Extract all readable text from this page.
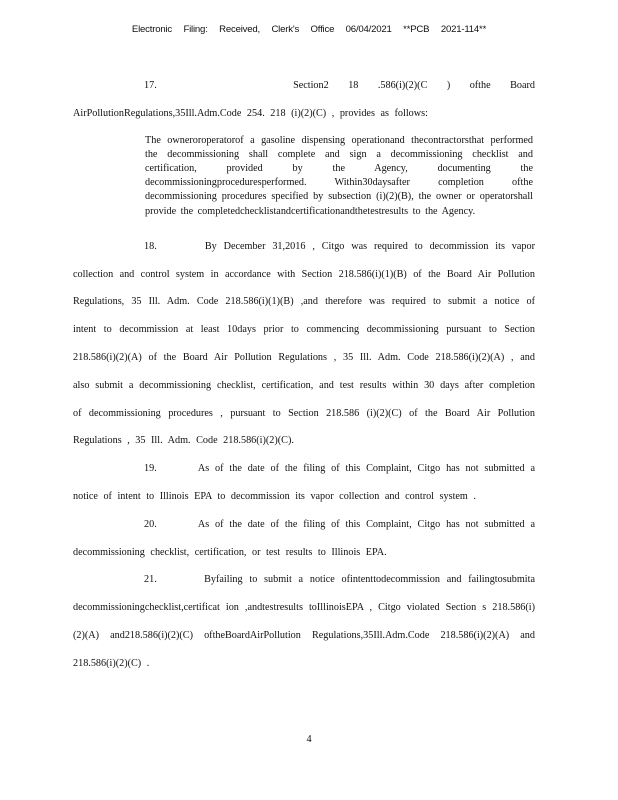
Electronic Filing: Received, Clerk's Office 06/04/2021 **PCB 2021-114**

17.	Section2 18 .586(i)(2)(C ) ofthe Board AirPollutionRegulations,35Ill.Adm.Code 254. 218 (i)(2)(C) , provides as follows:

The owneroroperatorof a gasoline dispensing operationand thecontractorsthat performed the decommissioning shall complete and sign a decommissioning checklist and certification, provided by the Agency, documenting the decommissioningproceduresperformed. Within30daysafter completion ofthe decommissioning procedures specified by subsection (i)(2)(B), the owner or operatorshall provide the completedchecklistandcertificationandthetestresults to the Agency.

18.	By December 31,2016 , Citgo was required to decommission its vapor collection and control system in accordance with Section 218.586(i)(1)(B) of the Board Air Pollution Regulations, 35 Ill. Adm. Code 218.586(i)(1)(B) ,and therefore was required to submit a notice of intent to decommission at least 10days prior to commencing decommissioning pursuant to Section 218.586(i)(2)(A) of the Board Air Pollution Regulations , 35 Ill. Adm. Code 218.586(i)(2)(A) , and also submit a decommissioning checklist, certification, and test results within 30 days after completion of decommissioning procedures , pursuant to Section 218.586 (i)(2)(C) of the Board Air Pollution Regulations , 35 Ill. Adm. Code 218.586(i)(2)(C).

19.	As of the date of the filing of this Complaint, Citgo has not submitted a notice of intent to Illinois EPA to decommission its vapor collection and control system .

20.	As of the date of the filing of this Complaint, Citgo has not submitted a decommissioning checklist, certification, or test results to Illinois EPA.

21.	Byfailing to submit a notice ofintenttodecommission and failingtosubmita decommissioningchecklist,certificat ion ,andtestresults toIllinoisEPA , Citgo violated Section s 218.586(i)(2)(A) and218.586(i)(2)(C) oftheBoardAirPollution Regulations,35Ill.Adm.Code 218.586(i)(2)(A) and 218.586(i)(2)(C) .

4
